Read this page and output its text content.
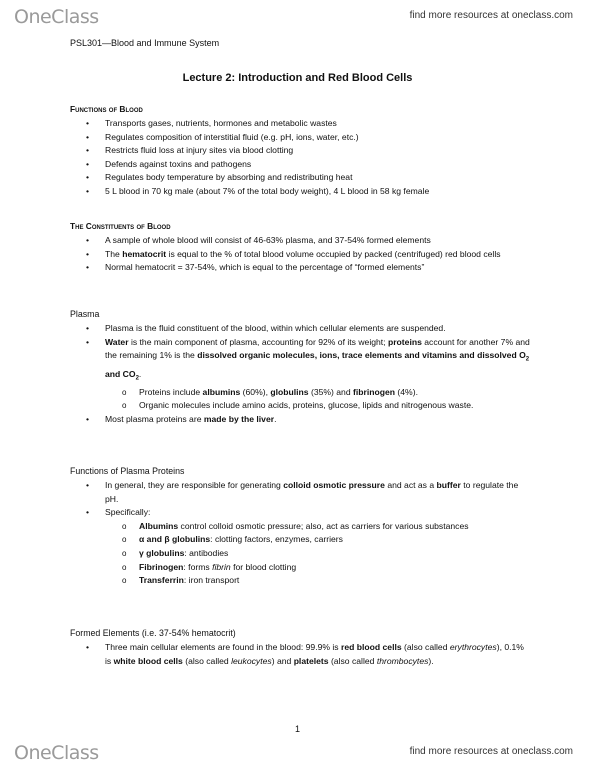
OneClass	find more resources at oneclass.com
PSL301—Blood and Immune System
Lecture 2: Introduction and Red Blood Cells
Functions of Blood
• Transports gases, nutrients, hormones and metabolic wastes
• Regulates composition of interstitial fluid (e.g. pH, ions, water, etc.)
• Restricts fluid loss at injury sites via blood clotting
• Defends against toxins and pathogens
• Regulates body temperature by absorbing and redistributing heat
• 5 L blood in 70 kg male (about 7% of the total body weight), 4 L blood in 58 kg female
The Constituents of Blood
• A sample of whole blood will consist of 46-63% plasma, and 37-54% formed elements
• The hematocrit is equal to the % of total blood volume occupied by packed (centrifuged) red blood cells
• Normal hematocrit = 37-54%, which is equal to the percentage of “formed elements”
Plasma
• Plasma is the fluid constituent of the blood, within which cellular elements are suspended.
• Water is the main component of plasma, accounting for 92% of its weight; proteins account for another 7% and the remaining 1% is the dissolved organic molecules, ions, trace elements and vitamins and dissolved $O_2$ and $CO_2$.
o Proteins include albumins (60%), globulins (35%) and fibrinogen (4%).
o Organic molecules include amino acids, proteins, glucose, lipids and nitrogenous waste.
• Most plasma proteins are made by the liver.
Functions of Plasma Proteins
• In general, they are responsible for generating colloid osmotic pressure and act as a buffer to regulate the pH.
• Specifically:
o Albumins control colloid osmotic pressure; also, act as carriers for various substances
o α and β globulins: clotting factors, enzymes, carriers
o γ globulins: antibodies
o Fibrinogen: forms fibrin for blood clotting
o Transferrin: iron transport
Formed Elements (i.e. 37-54% hematocrit)
• Three main cellular elements are found in the blood: 99.9% is red blood cells (also called erythrocytes), 0.1% is white blood cells (also called leukocytes) and platelets (also called thrombocytes).
1
OneClass	find more resources at oneclass.com
